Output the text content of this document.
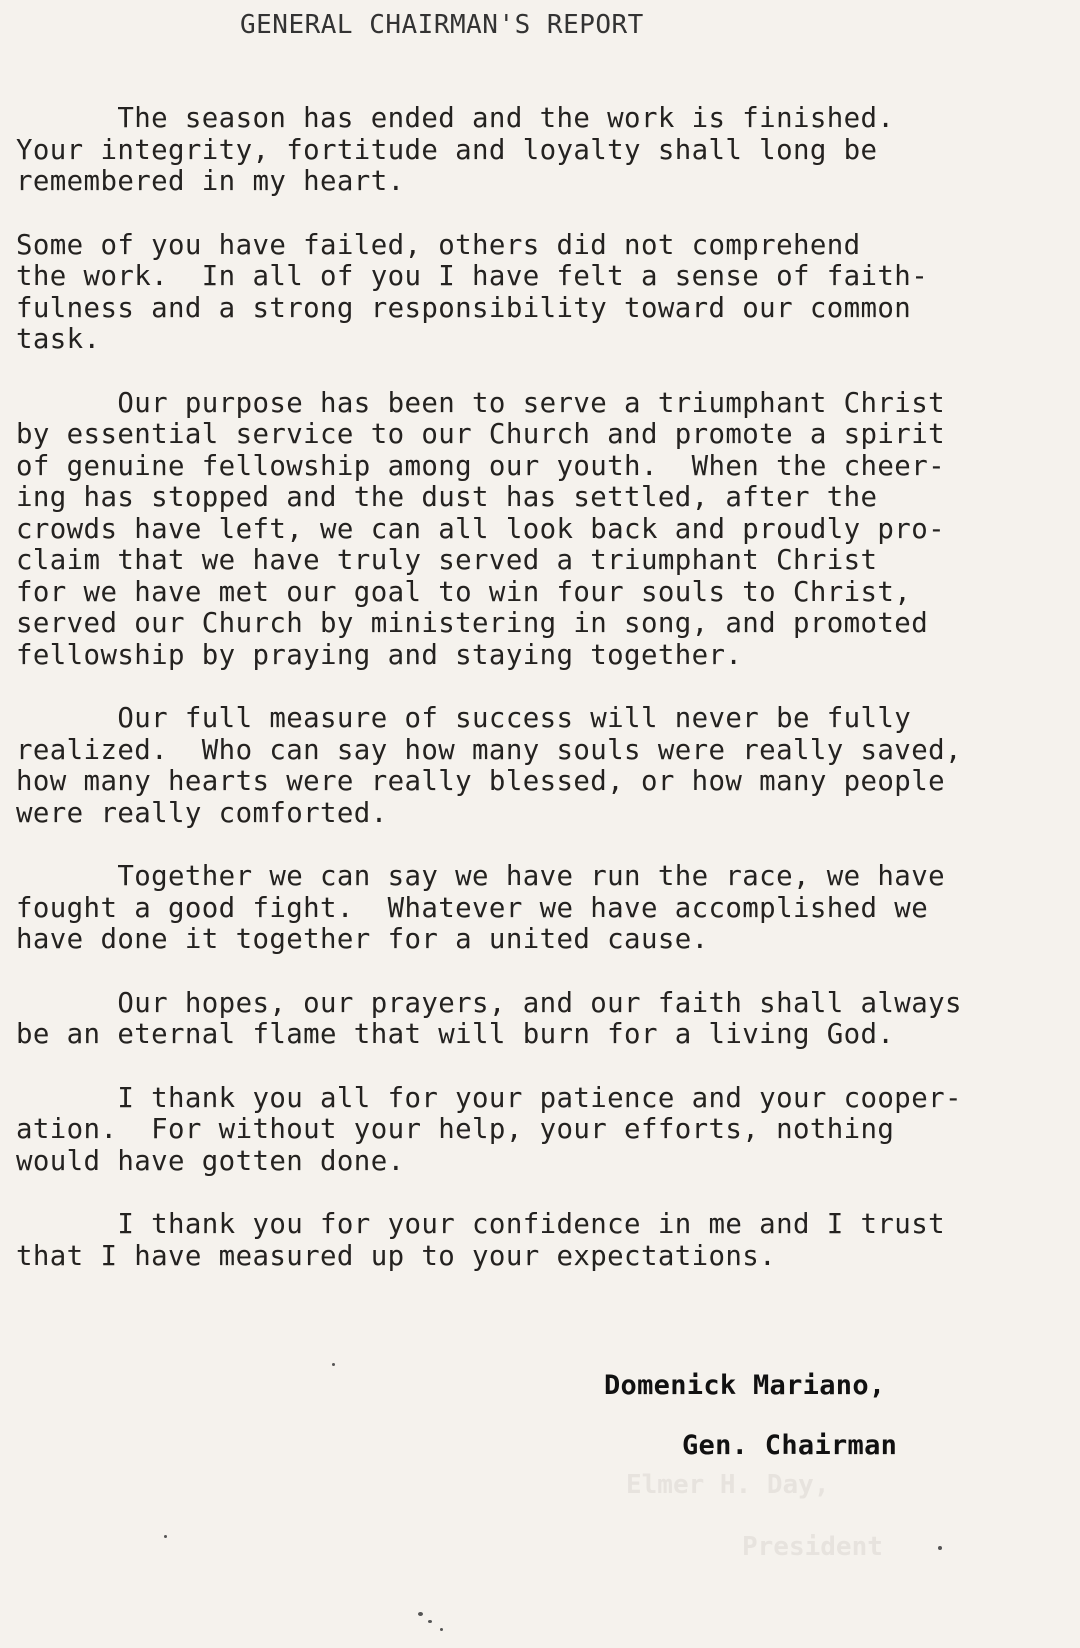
GENERAL CHAIRMAN'S REPORT
Elmer H. Day,
President
The season has ended and the work is finished.
Your integrity, fortitude and loyalty shall long be
remembered in my heart.
Some of you have failed, others did not comprehend
the work.  In all of you I have felt a sense of faith-
fulness and a strong responsibility toward our common
task.
Our purpose has been to serve a triumphant Christ
by essential service to our Church and promote a spirit
of genuine fellowship among our youth.  When the cheer-
ing has stopped and the dust has settled, after the
crowds have left, we can all look back and proudly pro-
claim that we have truly served a triumphant Christ
for we have met our goal to win four souls to Christ,
served our Church by ministering in song, and promoted
fellowship by praying and staying together.
Our full measure of success will never be fully
realized.  Who can say how many souls were really saved,
how many hearts were really blessed, or how many people
were really comforted.
Together we can say we have run the race, we have
fought a good fight.  Whatever we have accomplished we
have done it together for a united cause.
Our hopes, our prayers, and our faith shall always
be an eternal flame that will burn for a living God.
I thank you all for your patience and your cooper-
ation.  For without your help, your efforts, nothing
would have gotten done.
I thank you for your confidence in me and I trust
that I have measured up to your expectations.
Domenick Mariano,
Gen. Chairman
